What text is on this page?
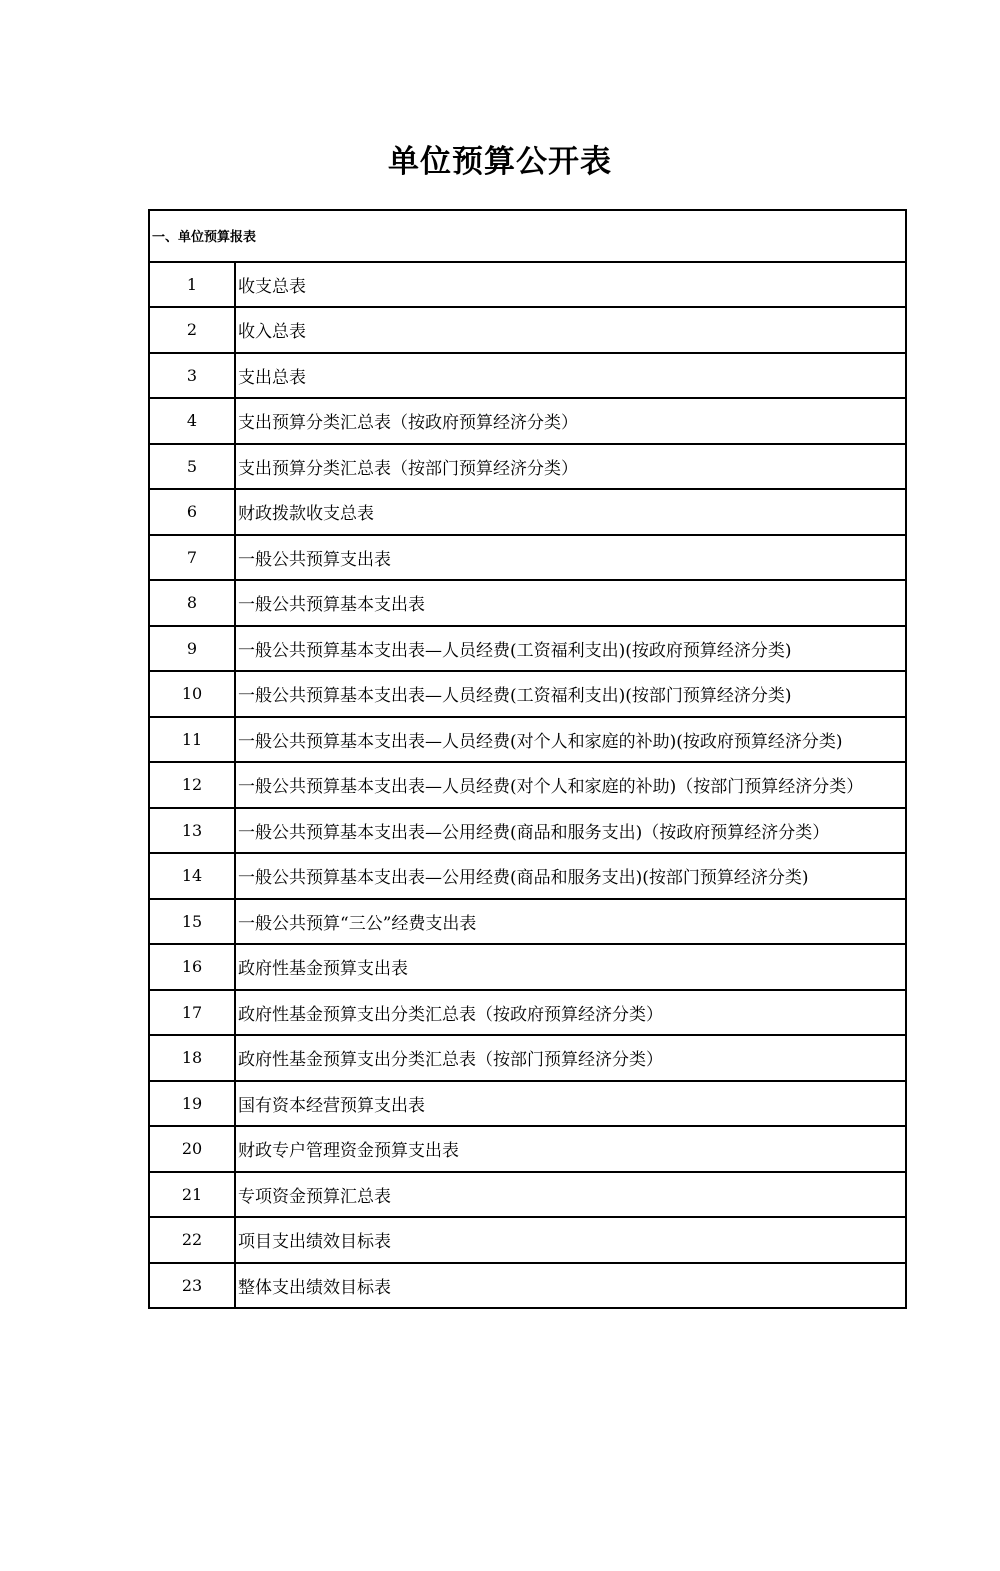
单位预算公开表
一、单位预算报表	
1	收支总表
2	收入总表
3	支出总表
4	支出预算分类汇总表（按政府预算经济分类）
5	支出预算分类汇总表（按部门预算经济分类）
6	财政拨款收支总表
7	一般公共预算支出表
8	一般公共预算基本支出表
9	一般公共预算基本支出表—人员经费(工资福利支出)(按政府预算经济分类)
10	一般公共预算基本支出表—人员经费(工资福利支出)(按部门预算经济分类)
11	一般公共预算基本支出表—人员经费(对个人和家庭的补助)(按政府预算经济分类)
12	一般公共预算基本支出表—人员经费(对个人和家庭的补助)（按部门预算经济分类）
13	一般公共预算基本支出表—公用经费(商品和服务支出)（按政府预算经济分类）
14	一般公共预算基本支出表—公用经费(商品和服务支出)(按部门预算经济分类)
15	一般公共预算“三公”经费支出表
16	政府性基金预算支出表
17	政府性基金预算支出分类汇总表（按政府预算经济分类）
18	政府性基金预算支出分类汇总表（按部门预算经济分类）
19	国有资本经营预算支出表
20	财政专户管理资金预算支出表
21	专项资金预算汇总表
22	项目支出绩效目标表
23	整体支出绩效目标表
